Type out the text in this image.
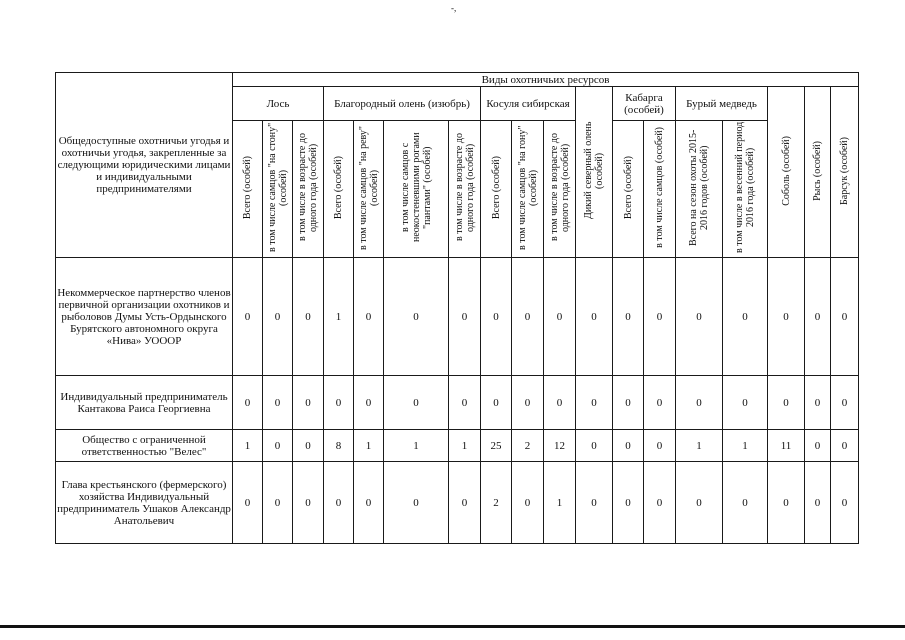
-,
Общедоступные охотничьи угодья и охотничьи угодья, закрепленные за следующими юридическими лицами и индивидуальными предпринимателями	Виды охотничьих ресурсов																	
	Лось			Благородный олень (изюбрь)				Косуля сибирская			Дикий северный олень (особей)	Кабарга (особей)		Бурый медведь		Соболь (особей)	Рысь (особей)	Барсук (особей)
	Всего (особей)	в том числе самцов "на стону" (особей)	в том числе в возрасте до одного года (особей)	Всего (особей)	в том числе самцов "на реву" (особей)	в том числе самцов с неокостеневшими рогами "пантами" (особей)	в том числе в возрасте до одного года (особей)	Всего (особей)	в том числе самцов "на гону" (особей)	в том числе в возрасте до одного года (особей)		Всего (особей)	в том числе самцов (особей)	Всего на сезон охоты 2015-2016 годов (особей)	в том числе в весенний период 2016 года (особей)			
Некоммерческое партнерство членов первичной организации охотников и рыболовов Думы Усть-Ордынского Бурятского автономного округа «Нива» УОООР	0	0	0	1	0	0	0	0	0	0	0	0	0	0	0	0	0	0
Индивидуальный предприниматель Кантакова Раиса Георгиевна	0	0	0	0	0	0	0	0	0	0	0	0	0	0	0	0	0	0
Общество с ограниченной ответственностью "Велес"	1	0	0	8	1	1	1	25	2	12	0	0	0	1	1	11	0	0
Глава крестьянского (фермерского) хозяйства Индивидуальный предприниматель Ушаков Александр Анатольевич	0	0	0	0	0	0	0	2	0	1	0	0	0	0	0	0	0	0
